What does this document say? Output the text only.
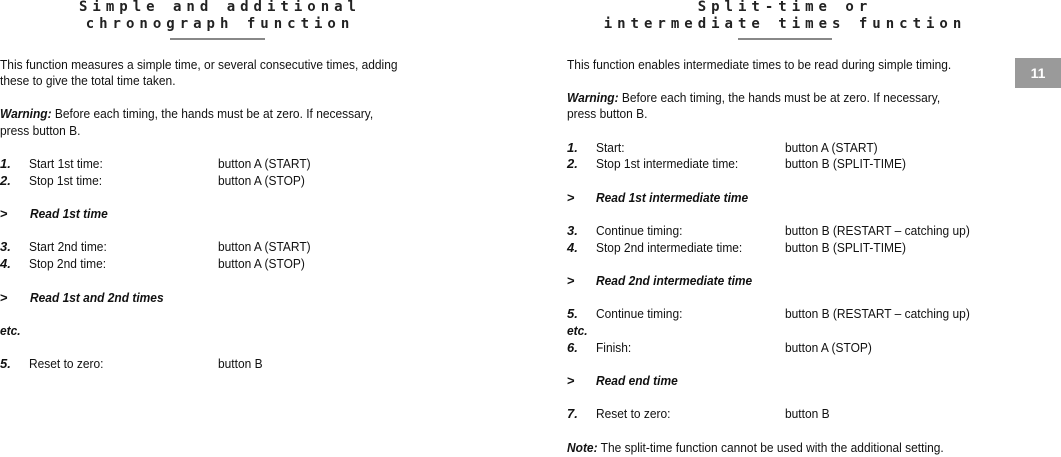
Simple and additional
chronograph function
This function measures a simple time, or several consecutive times, adding
these to give the total time taken.
Warning: Before each timing, the hands must be at zero. If necessary,
press button B.
1. Start 1st time:	button A (START)
2. Stop 1st time:	button A (STOP)
> Read 1st time
3. Start 2nd time:	button A (START)
4. Stop 2nd time:	button A (STOP)
> Read 1st and 2nd times
etc.
5. Reset to zero:	button B
Split-time or
intermediate times function
This function enables intermediate times to be read during simple timing.
Warning: Before each timing, the hands must be at zero. If necessary,
press button B.
1. Start:	button A (START)
2. Stop 1st intermediate time:	button B (SPLIT-TIME)
> Read 1st intermediate time
3. Continue timing:	button B (RESTART – catching up)
4. Stop 2nd intermediate time:	button B (SPLIT-TIME)
> Read 2nd intermediate time
5. Continue timing:	button B (RESTART – catching up)
etc.
6. Finish:	button A (STOP)
> Read end time
7. Reset to zero:	button B
Note: The split-time function cannot be used with the additional setting.
11
